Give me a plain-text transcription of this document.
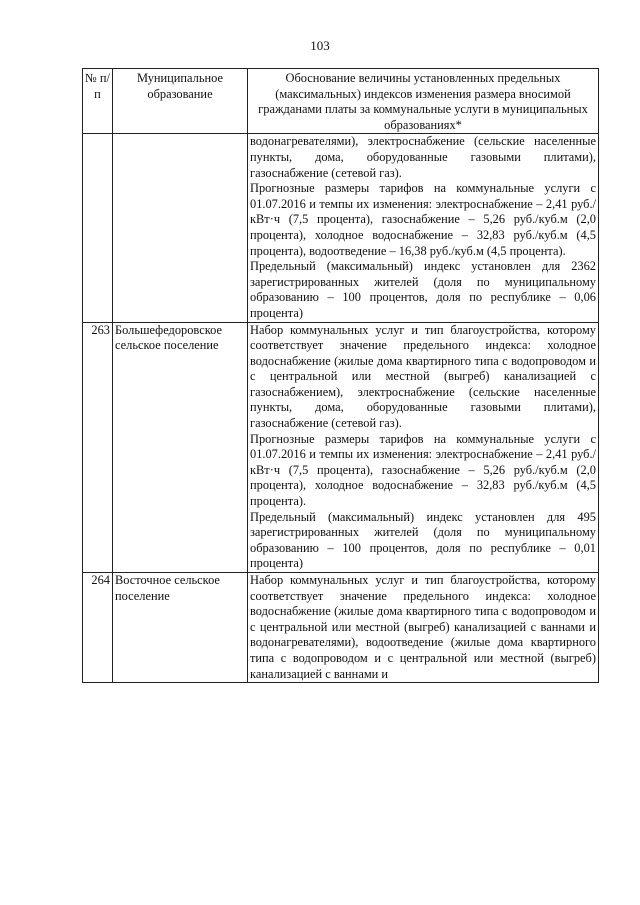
103
№ п/п	Муниципальное образование	Обоснование величины установленных предельных (максимальных) индексов изменения размера вносимой гражданами платы за коммунальные услуги в муниципальных образованиях*

		водонагревателями), электроснабжение (сельские населенные пункты, дома, оборудованные газовыми плитами), газоснабжение (сетевой газ).

Прогнозные размеры тарифов на коммунальные услуги с 01.07.2016 и темпы их изменения: электроснабжение – 2,41 руб./кВт·ч (7,5 процента), газоснабжение – 5,26 руб./куб.м (2,0 процента), холодное водоснабжение – 32,83 руб./куб.м (4,5 процента), водоотведение – 16,38 руб./куб.м (4,5 процента).

Предельный (максимальный) индекс установлен для 2362 зарегистрированных жителей (доля по муниципальному образованию – 100 процентов, доля по республике – 0,06 процента)

263	Большефедоровское сельское поселение	Набор коммунальных услуг и тип благоустройства, которому соответствует значение предельного индекса: холодное водоснабжение (жилые дома квартирного типа с водопроводом и с центральной или местной (выгреб) канализацией с газоснабжением), электроснабжение (сельские населенные пункты, дома, оборудованные газовыми плитами), газоснабжение (сетевой газ).

Прогнозные размеры тарифов на коммунальные услуги с 01.07.2016 и темпы их изменения: электроснабжение – 2,41 руб./кВт·ч (7,5 процента), газоснабжение – 5,26 руб./куб.м (2,0 процента), холодное водоснабжение – 32,83 руб./куб.м (4,5 процента).

Предельный (максимальный) индекс установлен для 495 зарегистрированных жителей (доля по муниципальному образованию – 100 процентов, доля по республике – 0,01 процента)

264	Восточное сельское поселение	Набор коммунальных услуг и тип благоустройства, которому соответствует значение предельного индекса: холодное водоснабжение (жилые дома квартирного типа с водопроводом и с центральной или местной (выгреб) канализацией с ваннами и водонагревателями), водоотведение (жилые дома квартирного типа с водопроводом и с центральной или местной (выгреб) канализацией с ваннами и
